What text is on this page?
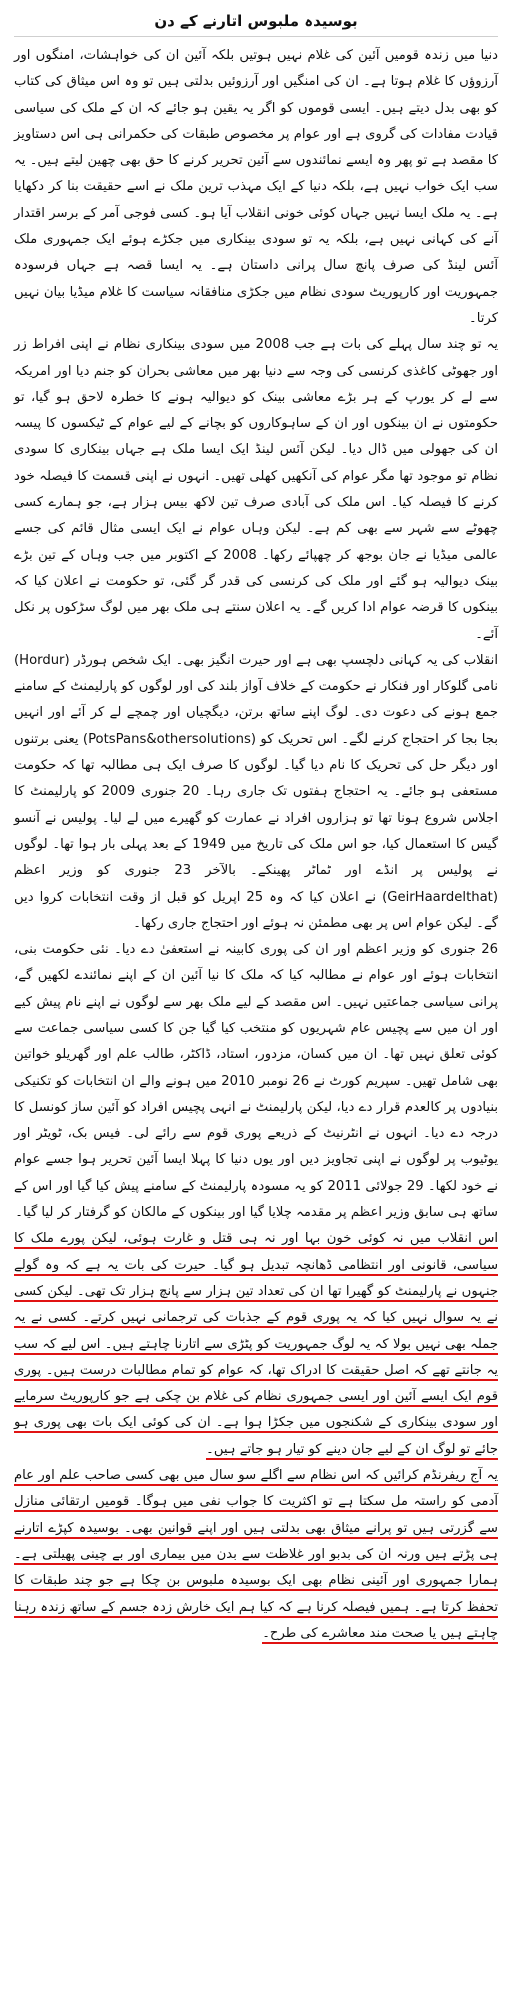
بوسیدہ ملبوس اتارنے کے دن

دنیا میں زندہ قومیں آئین کی غلام نہیں ہوتیں بلکہ آئین ان کی خواہشات، امنگوں اور آرزوؤں کا غلام ہوتا ہے۔ ان کی امنگیں اور آرزوئیں بدلتی ہیں تو وہ اس میثاق کی کتاب کو بھی بدل دیتے ہیں۔ ایسی قوموں کو اگر یہ یقین ہو جائے کہ ان کے ملک کی سیاسی قیادت مفادات کی گروی ہے اور عوام پر مخصوص طبقات کی حکمرانی ہی اس دستاویز کا مقصد ہے تو پھر وہ ایسے نمائندوں سے آئین تحریر کرنے کا حق بھی چھین لیتے ہیں۔ یہ سب ایک خواب نہیں ہے، بلکہ دنیا کے ایک مہذب ترین ملک نے اسے حقیقت بنا کر دکھایا ہے۔ یہ ملک ایسا نہیں جہاں کوئی خونی انقلاب آیا ہو۔ کسی فوجی آمر کے برسر اقتدار آنے کی کہانی نہیں ہے، بلکہ یہ تو سودی بینکاری میں جکڑے ہوئے ایک جمہوری ملک آئس لینڈ کی صرف پانچ سال پرانی داستان ہے۔ یہ ایسا قصہ ہے جہاں فرسودہ جمہوریت اور کارپوریٹ سودی نظام میں جکڑی منافقانہ سیاست کا غلام میڈیا بیان نہیں کرتا۔

یہ تو چند سال پہلے کی بات ہے جب 2008 میں سودی بینکاری نظام نے اپنی افراط زر اور جھوٹی کاغذی کرنسی کی وجہ سے دنیا بھر میں معاشی بحران کو جنم دیا اور امریکہ سے لے کر یورپ کے ہر بڑے معاشی بینک کو دیوالیہ ہونے کا خطرہ لاحق ہو گیا، تو حکومتوں نے ان بینکوں اور ان کے ساہوکاروں کو بچانے کے لیے عوام کے ٹیکسوں کا پیسہ ان کی جھولی میں ڈال دیا۔ لیکن آئس لینڈ ایک ایسا ملک ہے جہاں بینکاری کا سودی نظام تو موجود تھا مگر عوام کی آنکھیں کھلی تھیں۔ انہوں نے اپنی قسمت کا فیصلہ خود کرنے کا فیصلہ کیا۔ اس ملک کی آبادی صرف تین لاکھ بیس ہزار ہے، جو ہمارے کسی چھوٹے سے شہر سے بھی کم ہے۔ لیکن وہاں عوام نے ایک ایسی مثال قائم کی جسے عالمی میڈیا نے جان بوجھ کر چھپائے رکھا۔ 2008 کے اکتوبر میں جب وہاں کے تین بڑے بینک دیوالیہ ہو گئے اور ملک کی کرنسی کی قدر گر گئی، تو حکومت نے اعلان کیا کہ بینکوں کا قرضہ عوام ادا کریں گے۔ یہ اعلان سنتے ہی ملک بھر میں لوگ سڑکوں پر نکل آئے۔

انقلاب کی یہ کہانی دلچسپ بھی ہے اور حیرت انگیز بھی۔ ایک شخص ہورڈر (Hordur) نامی گلوکار اور فنکار نے حکومت کے خلاف آواز بلند کی اور لوگوں کو پارلیمنٹ کے سامنے جمع ہونے کی دعوت دی۔ لوگ اپنے ساتھ برتن، دیگچیاں اور چمچے لے کر آئے اور انہیں بجا بجا کر احتجاج کرنے لگے۔ اس تحریک کو (PotsPans&othersolutions) یعنی برتنوں اور دیگر حل کی تحریک کا نام دیا گیا۔ لوگوں کا صرف ایک ہی مطالبہ تھا کہ حکومت مستعفی ہو جائے۔ یہ احتجاج ہفتوں تک جاری رہا۔ 20 جنوری 2009 کو پارلیمنٹ کا اجلاس شروع ہونا تھا تو ہزاروں افراد نے عمارت کو گھیرے میں لے لیا۔ پولیس نے آنسو گیس کا استعمال کیا، جو اس ملک کی تاریخ میں 1949 کے بعد پہلی بار ہوا تھا۔ لوگوں نے پولیس پر انڈے اور ٹماٹر پھینکے۔ بالآخر 23 جنوری کو وزیر اعظم (GeirHaardelthat) نے اعلان کیا کہ وہ 25 اپریل کو قبل از وقت انتخابات کروا دیں گے۔ لیکن عوام اس پر بھی مطمئن نہ ہوئے اور احتجاج جاری رکھا۔

26 جنوری کو وزیر اعظم اور ان کی پوری کابینہ نے استعفیٰ دے دیا۔ نئی حکومت بنی، انتخابات ہوئے اور عوام نے مطالبہ کیا کہ ملک کا نیا آئین ان کے اپنے نمائندے لکھیں گے، پرانی سیاسی جماعتیں نہیں۔ اس مقصد کے لیے ملک بھر سے لوگوں نے اپنے نام پیش کیے اور ان میں سے پچیس عام شہریوں کو منتخب کیا گیا جن کا کسی سیاسی جماعت سے کوئی تعلق نہیں تھا۔ ان میں کسان، مزدور، استاد، ڈاکٹر، طالب علم اور گھریلو خواتین بھی شامل تھیں۔ سپریم کورٹ نے 26 نومبر 2010 میں ہونے والے ان انتخابات کو تکنیکی بنیادوں پر کالعدم قرار دے دیا، لیکن پارلیمنٹ نے انہی پچیس افراد کو آئین ساز کونسل کا درجہ دے دیا۔ انہوں نے انٹرنیٹ کے ذریعے پوری قوم سے رائے لی۔ فیس بک، ٹویٹر اور یوٹیوب پر لوگوں نے اپنی تجاویز دیں اور یوں دنیا کا پہلا ایسا آئین تحریر ہوا جسے عوام نے خود لکھا۔ 29 جولائی 2011 کو یہ مسودہ پارلیمنٹ کے سامنے پیش کیا گیا اور اس کے ساتھ ہی سابق وزیر اعظم پر مقدمہ چلایا گیا اور بینکوں کے مالکان کو گرفتار کر لیا گیا۔

اس انقلاب میں نہ کوئی خون بہا اور نہ ہی قتل و غارت ہوئی، لیکن پورے ملک کا سیاسی، قانونی اور انتظامی ڈھانچہ تبدیل ہو گیا۔ حیرت کی بات یہ ہے کہ وہ گولے جنہوں نے پارلیمنٹ کو گھیرا تھا ان کی تعداد تین ہزار سے پانچ ہزار تک تھی۔ لیکن کسی نے یہ سوال نہیں کیا کہ یہ پوری قوم کے جذبات کی ترجمانی نہیں کرتے۔ کسی نے یہ جملہ بھی نہیں بولا کہ یہ لوگ جمہوریت کو پٹڑی سے اتارنا چاہتے ہیں۔ اس لیے کہ سب یہ جانتے تھے کہ اصل حقیقت کا ادراک تھا، کہ عوام کو تمام مطالبات درست ہیں۔ پوری قوم ایک ایسے آئین اور ایسی جمہوری نظام کی غلام بن چکی ہے جو کارپوریٹ سرمایے اور سودی بینکاری کے شکنجوں میں جکڑا ہوا ہے۔ ان کی کوئی ایک بات بھی پوری ہو جائے تو لوگ ان کے لیے جان دینے کو تیار ہو جاتے ہیں۔

یہ آج ریفرنڈم کرائیں کہ اس نظام سے اگلے سو سال میں بھی کسی صاحب علم اور عام آدمی کو راستہ مل سکتا ہے تو اکثریت کا جواب نفی میں ہوگا۔ قومیں ارتقائی منازل سے گزرتی ہیں تو پرانے میثاق بھی بدلتی ہیں اور اپنے قوانین بھی۔ بوسیدہ کپڑے اتارنے ہی پڑتے ہیں ورنہ ان کی بدبو اور غلاظت سے بدن میں بیماری اور بے چینی پھیلتی ہے۔ ہمارا جمہوری اور آئینی نظام بھی ایک بوسیدہ ملبوس بن چکا ہے جو چند طبقات کا تحفظ کرتا ہے۔ ہمیں فیصلہ کرنا ہے کہ کیا ہم ایک خارش زدہ جسم کے ساتھ زندہ رہنا چاہتے ہیں یا صحت مند معاشرے کی طرح۔
